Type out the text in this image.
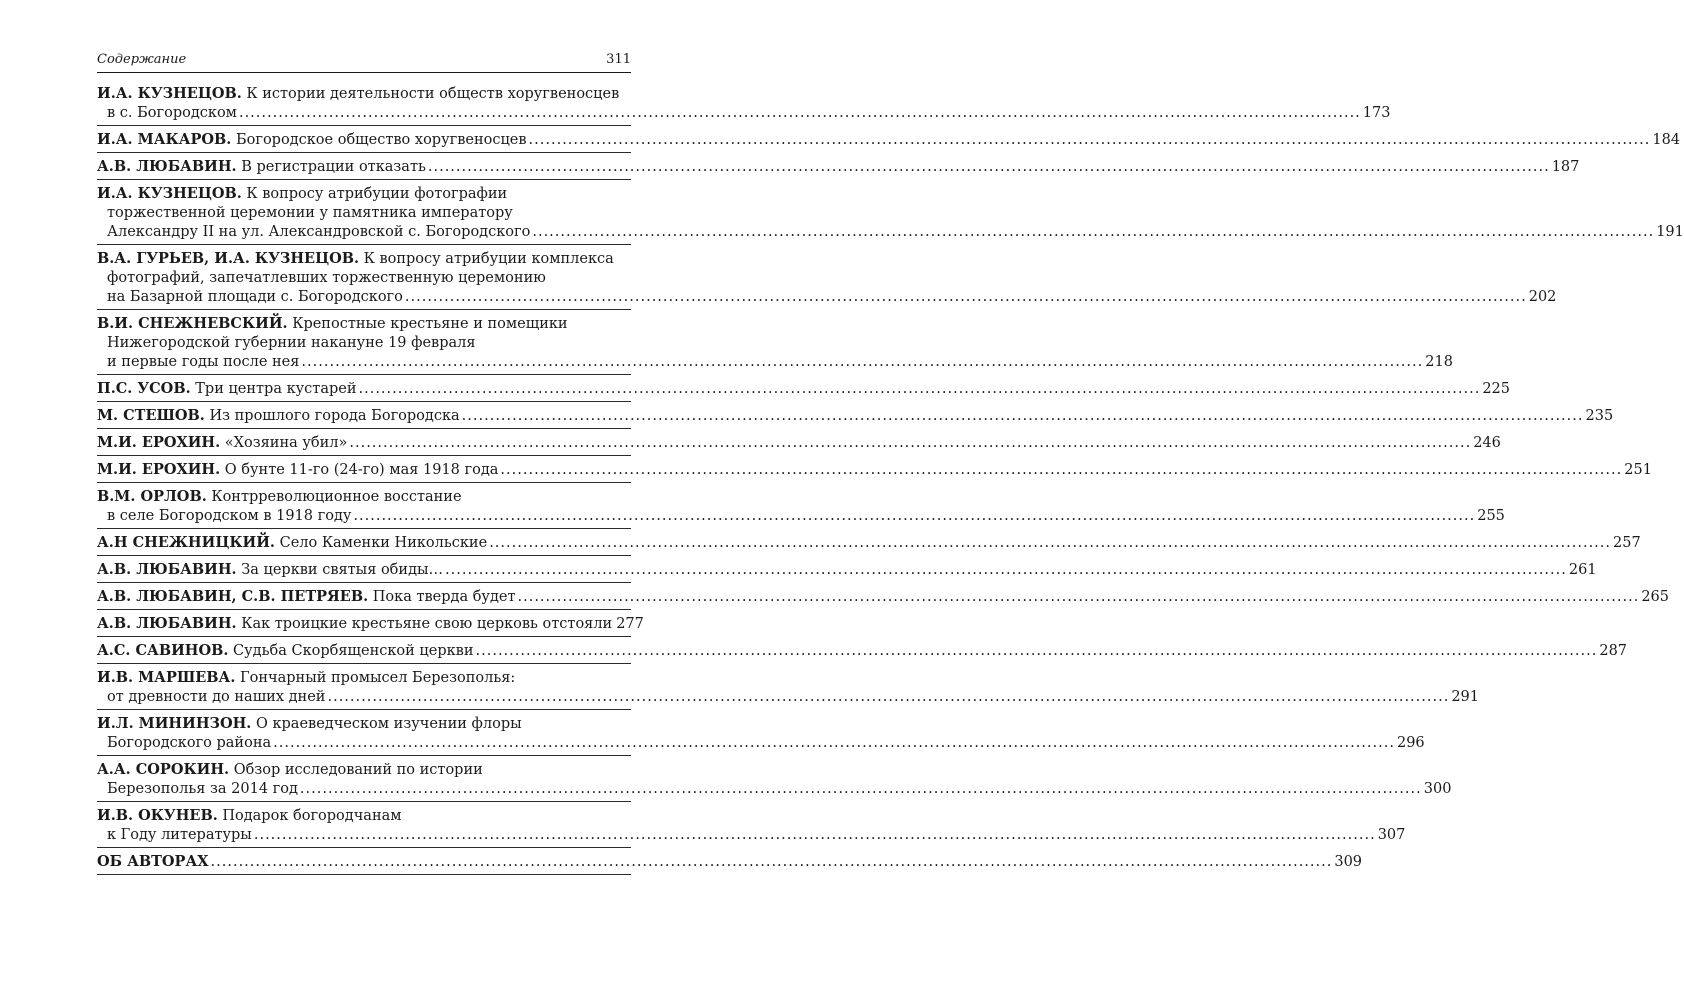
Содержание	311
И.А. КУЗНЕЦОВ. К истории деятельности обществ хоругвеносцев
в с. Богородском ........................................................................................................................................................................................................ 173
И.А. МАКАРОВ. Богородское общество хоругвеносцев ........................................................................................................................................................................................................ 184
А.В. ЛЮБАВИН. В регистрации отказать ........................................................................................................................................................................................................ 187
И.А. КУЗНЕЦОВ. К вопросу атрибуции фотографии
торжественной церемонии у памятника императору
Александру II на ул. Александровской с. Богородского ........................................................................................................................................................................................................ 191
В.А. ГУРЬЕВ, И.А. КУЗНЕЦОВ. К вопросу атрибуции комплекса
фотографий, запечатлевших торжественную церемонию
на Базарной площади с. Богородского ........................................................................................................................................................................................................ 202
В.И. СНЕЖНЕВСКИЙ. Крепостные крестьяне и помещики
Нижегородской губернии накануне 19 февраля
и первые годы после нея ........................................................................................................................................................................................................ 218
П.С. УСОВ. Три центра кустарей ........................................................................................................................................................................................................ 225
М. СТЕШОВ. Из прошлого города Богородска ........................................................................................................................................................................................................ 235
М.И. ЕРОХИН. «Хозяина убил» ........................................................................................................................................................................................................ 246
М.И. ЕРОХИН. О бунте 11-го (24-го) мая 1918 года ........................................................................................................................................................................................................ 251
В.М. ОРЛОВ. Контрреволюционное восстание
в селе Богородском в 1918 году ........................................................................................................................................................................................................ 255
А.Н СНЕЖНИЦКИЙ. Село Каменки Никольские ........................................................................................................................................................................................................ 257
А.В. ЛЮБАВИН. За церкви святыя обиды… ........................................................................................................................................................................................................ 261
А.В. ЛЮБАВИН, С.В. ПЕТРЯЕВ. Пока тверда будет ........................................................................................................................................................................................................ 265
А.В. ЛЮБАВИН. Как троицкие крестьяне свою церковь отстояли 277
А.С. САВИНОВ. Судьба Скорбященской церкви ........................................................................................................................................................................................................ 287
И.В. МАРШЕВА. Гончарный промысел Березополья:
от древности до наших дней ........................................................................................................................................................................................................ 291
И.Л. МИНИНЗОН. О краеведческом изучении флоры
Богородского района ........................................................................................................................................................................................................ 296
А.А. СОРОКИН. Обзор исследований по истории
Березополья за 2014 год ........................................................................................................................................................................................................ 300
И.В. ОКУНЕВ. Подарок богородчанам
к Году литературы ........................................................................................................................................................................................................ 307
ОБ АВТОРАХ ........................................................................................................................................................................................................ 309
